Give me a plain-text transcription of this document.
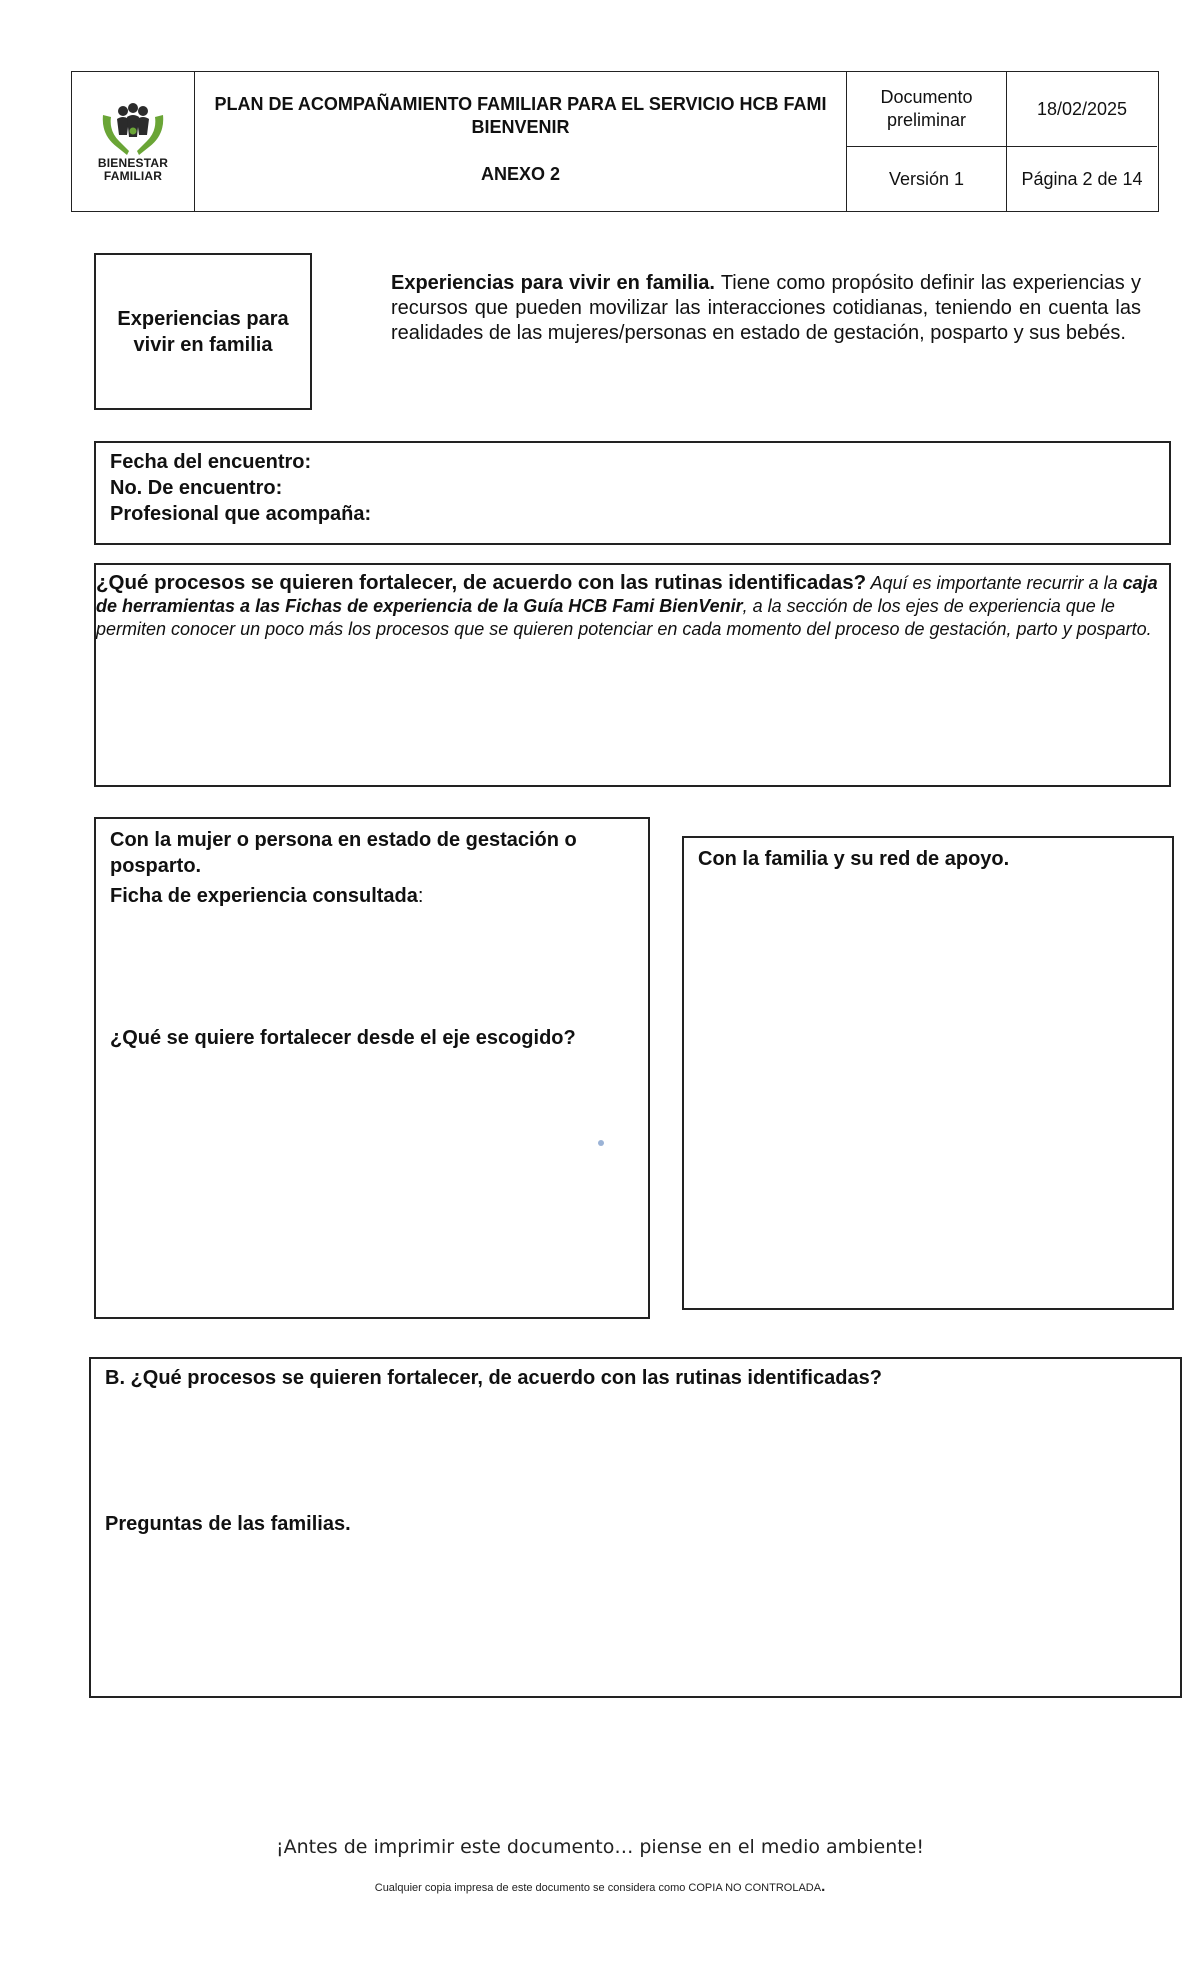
BIENESTAR
FAMILIAR
PLAN DE ACOMPAÑAMIENTO FAMILIAR PARA EL SERVICIO HCB FAMI BIENVENIR
ANEXO 2
Documento preliminar
18/02/2025
Versión 1	Página 2 de 14
Experiencias para vivir en familia
Experiencias para vivir en familia. Tiene como propósito definir las experiencias y recursos que pueden movilizar las interacciones cotidianas, teniendo en cuenta las realidades de las mujeres/personas en estado de gestación, posparto y sus bebés.
Fecha del encuentro:
No. De encuentro:
Profesional que acompaña:
¿Qué procesos se quieren fortalecer, de acuerdo con las rutinas identificadas? Aquí es importante recurrir a la caja de herramientas a las Fichas de experiencia de la Guía HCB Fami BienVenir, a la sección de los ejes de experiencia que le permiten conocer un poco más los procesos que se quieren potenciar en cada momento del proceso de gestación, parto y posparto.
Con la mujer o persona en estado de gestación o posparto.
Ficha de experiencia consultada:
¿Qué se quiere fortalecer desde el eje escogido?
Con la familia y su red de apoyo.
B. ¿Qué procesos se quieren fortalecer, de acuerdo con las rutinas identificadas?
Preguntas de las familias.
¡Antes de imprimir este documento… piense en el medio ambiente!
Cualquier copia impresa de este documento se considera como COPIA NO CONTROLADA.
